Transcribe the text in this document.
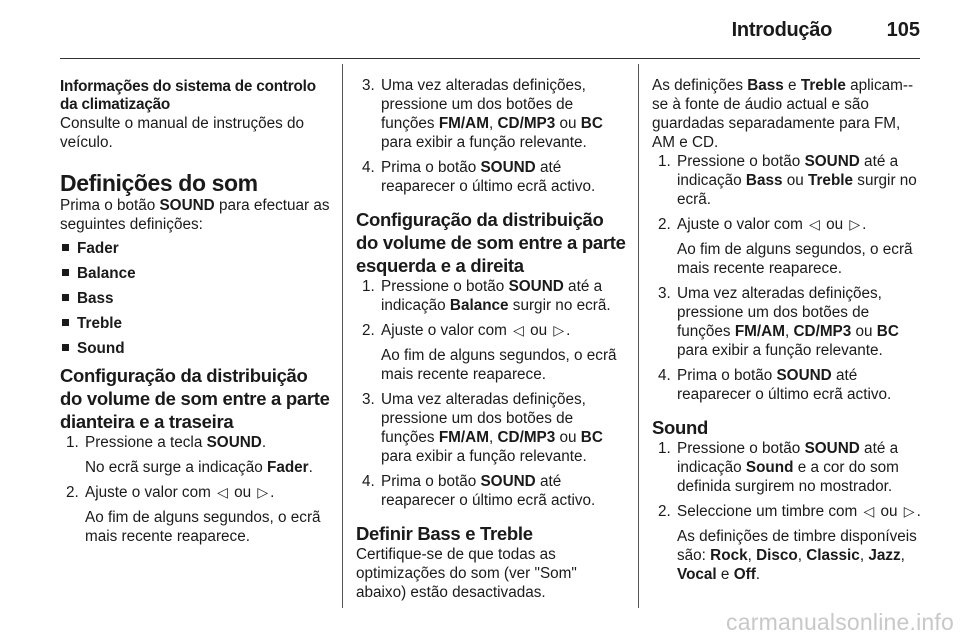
Introdução	105

Informações do sistema de controlo da climatização

Consulte o manual de instruções do veículo.

Definições do som

Prima o botão SOUND para efectuar as seguintes definições:

Fader
Balance
Bass
Treble
Sound

Configuração da distribuição do volume de som entre a parte dianteira e a traseira

1. Pressione a tecla SOUND.
No ecrã surge a indicação Fader.
2. Ajuste o valor com ◁ ou ▷ .
Ao fim de alguns segundos, o ecrã mais recente reaparece.
3. Uma vez alteradas definições, pressione um dos botões de funções FM/AM, CD/MP3 ou BC para exibir a função relevante.
4. Prima o botão SOUND até reaparecer o último ecrã activo.

Configuração da distribuição do volume de som entre a parte esquerda e a direita

1. Pressione o botão SOUND até a indicação Balance surgir no ecrã.
2. Ajuste o valor com ◁ ou ▷ .
Ao fim de alguns segundos, o ecrã mais recente reaparece.
3. Uma vez alteradas definições, pressione um dos botões de funções FM/AM, CD/MP3 ou BC para exibir a função relevante.
4. Prima o botão SOUND até reaparecer o último ecrã activo.

Definir Bass e Treble

Certifique-se de que todas as optimizações do som (ver "Som" abaixo) estão desactivadas.

As definições Bass e Treble aplicam--se à fonte de áudio actual e são guardadas separadamente para FM, AM e CD.

1. Pressione o botão SOUND até a indicação Bass ou Treble surgir no ecrã.
2. Ajuste o valor com ◁ ou ▷ .
Ao fim de alguns segundos, o ecrã mais recente reaparece.
3. Uma vez alteradas definições, pressione um dos botões de funções FM/AM, CD/MP3 ou BC para exibir a função relevante.
4. Prima o botão SOUND até reaparecer o último ecrã activo.

Sound

1. Pressione o botão SOUND até a indicação Sound e a cor do som definida surgirem no mostrador.
2. Seleccione um timbre com ◁ ou ▷ .
As definições de timbre disponíveis são: Rock, Disco, Classic, Jazz, Vocal e Off.
carmanualsonline.info
